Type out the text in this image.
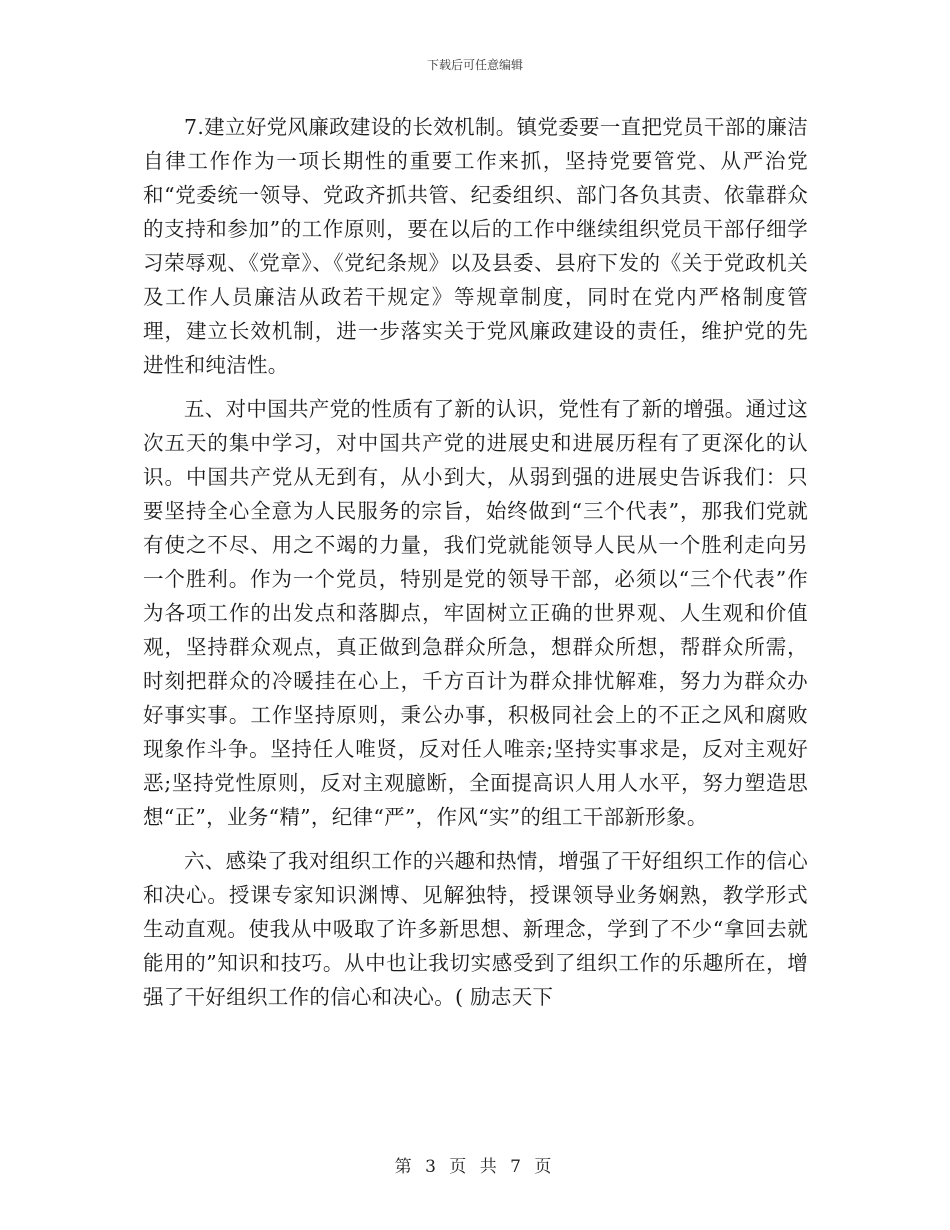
下载后可任意编辑

7.建立好党风廉政建设的长效机制。镇党委要一直把党员干部的廉洁自律工作作为一项长期性的重要工作来抓，坚持党要管党、从严治党和“党委统一领导、党政齐抓共管、纪委组织、部门各负其责、依靠群众的支持和参加”的工作原则，要在以后的工作中继续组织党员干部仔细学习荣辱观、《党章》、《党纪条规》以及县委、县府下发的《关于党政机关及工作人员廉洁从政若干规定》等规章制度，同时在党内严格制度管理，建立长效机制，进一步落实关于党风廉政建设的责任，维护党的先进性和纯洁性。

五、对中国共产党的性质有了新的认识，党性有了新的增强。通过这次五天的集中学习，对中国共产党的进展史和进展历程有了更深化的认识。中国共产党从无到有，从小到大，从弱到强的进展史告诉我们：只要坚持全心全意为人民服务的宗旨，始终做到“三个代表”，那我们党就有使之不尽、用之不竭的力量，我们党就能领导人民从一个胜利走向另一个胜利。作为一个党员，特别是党的领导干部，必须以“三个代表”作为各项工作的出发点和落脚点，牢固树立正确的世界观、人生观和价值观，坚持群众观点，真正做到急群众所急，想群众所想，帮群众所需，时刻把群众的冷暖挂在心上，千方百计为群众排忧解难，努力为群众办好事实事。工作坚持原则，秉公办事，积极同社会上的不正之风和腐败现象作斗争。坚持任人唯贤，反对任人唯亲;坚持实事求是，反对主观好恶;坚持党性原则，反对主观臆断，全面提高识人用人水平，努力塑造思想“正”，业务“精”，纪律“严”，作风“实”的组工干部新形象。

六、感染了我对组织工作的兴趣和热情，增强了干好组织工作的信心和决心。授课专家知识渊博、见解独特，授课领导业务娴熟，教学形式生动直观。使我从中吸取了许多新思想、新理念，学到了不少“拿回去就能用的”知识和技巧。从中也让我切实感受到了组织工作的乐趣所在，增强了干好组织工作的信心和决心。( 励志天下

第 3 页 共 7 页
